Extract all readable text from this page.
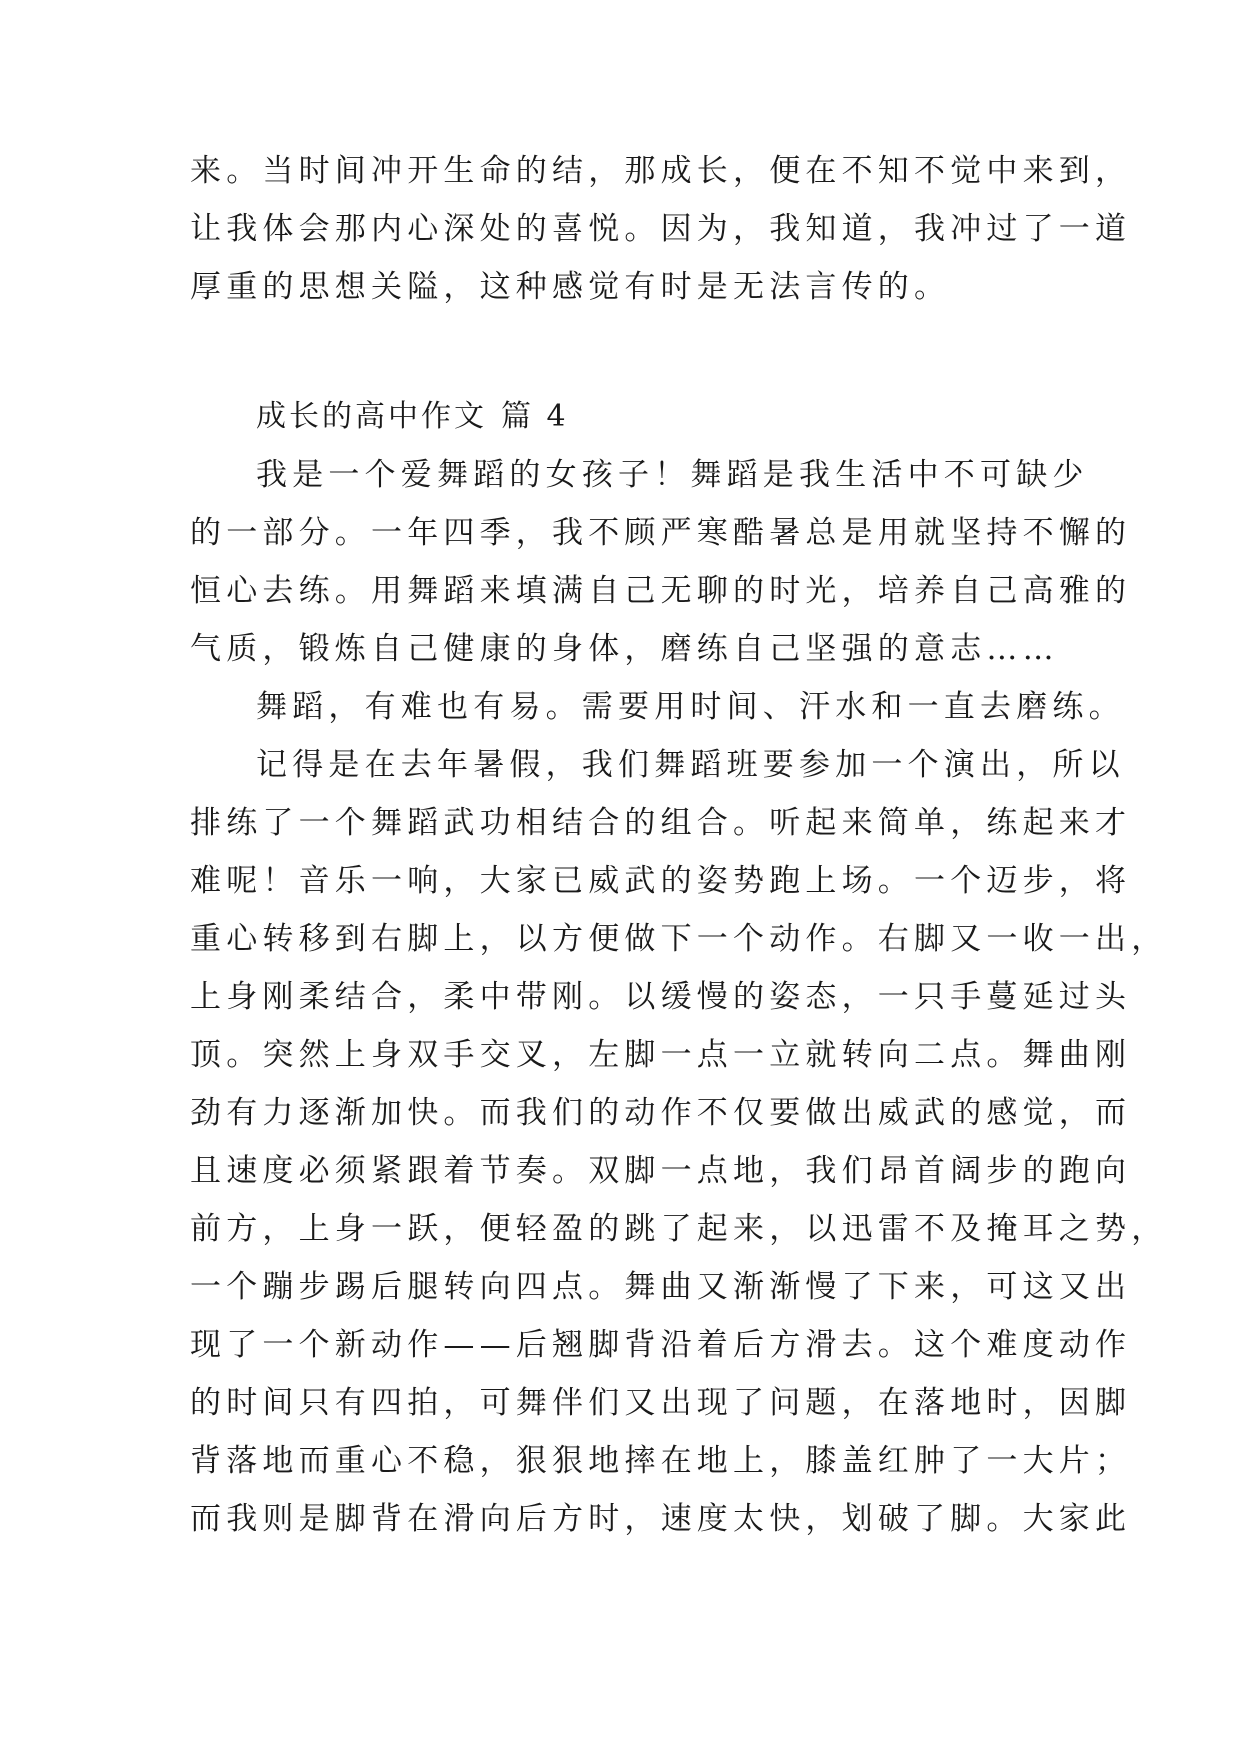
来。当时间冲开生命的结，那成长，便在不知不觉中来到，

让我体会那内心深处的喜悦。因为，我知道，我冲过了一道

厚重的思想关隘，这种感觉有时是无法言传的。

成长的高中作文 篇 4

我是一个爱舞蹈的女孩子！舞蹈是我生活中不可缺少

的一部分。一年四季，我不顾严寒酷暑总是用就坚持不懈的

恒心去练。用舞蹈来填满自己无聊的时光，培养自己高雅的

气质，锻炼自己健康的身体，磨练自己坚强的意志……

舞蹈，有难也有易。需要用时间、汗水和一直去磨练。

记得是在去年暑假，我们舞蹈班要参加一个演出，所以

排练了一个舞蹈武功相结合的组合。听起来简单，练起来才

难呢！音乐一响，大家已威武的姿势跑上场。一个迈步，将

重心转移到右脚上，以方便做下一个动作。右脚又一收一出，

上身刚柔结合，柔中带刚。以缓慢的姿态，一只手蔓延过头

顶。突然上身双手交叉，左脚一点一立就转向二点。舞曲刚

劲有力逐渐加快。而我们的动作不仅要做出威武的感觉，而

且速度必须紧跟着节奏。双脚一点地，我们昂首阔步的跑向

前方，上身一跃，便轻盈的跳了起来，以迅雷不及掩耳之势，

一个蹦步踢后腿转向四点。舞曲又渐渐慢了下来，可这又出

现了一个新动作——后翘脚背沿着后方滑去。这个难度动作

的时间只有四拍，可舞伴们又出现了问题，在落地时，因脚

背落地而重心不稳，狠狠地摔在地上，膝盖红肿了一大片；

而我则是脚背在滑向后方时，速度太快，划破了脚。大家此
